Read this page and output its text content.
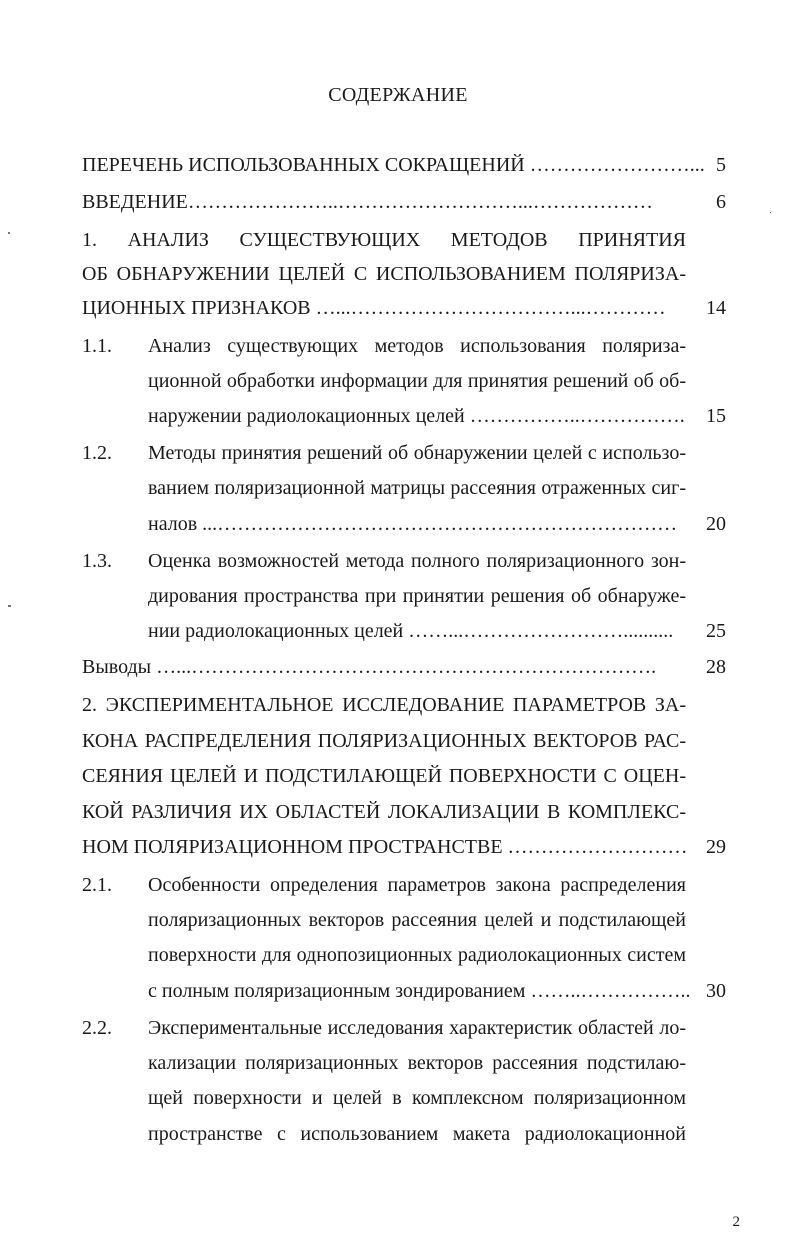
СОДЕРЖАНИЕ
ПЕРЕЧЕНЬ ИСПОЛЬЗОВАННЫХ СОКРАЩЕНИЙ ……………………... 5
ВВЕДЕНИЕ…………………..………………………...………………	6
1. АНАЛИЗ СУЩЕСТВУЮЩИХ МЕТОДОВ ПРИНЯТИЯ
ОБ ОБНАРУЖЕНИИ ЦЕЛЕЙ С ИСПОЛЬЗОВАНИЕМ ПОЛЯРИЗА-
ЦИОННЫХ ПРИЗНАКОВ …...……………………………...…………	14
1.1. Анализ существующих методов использования поляриза-
ционной обработки информации для принятия решений об об-
наружении радиолокационных целей ……………..…………….	15
1.2. Методы принятия решений об обнаружении целей с использо-
ванием поляризационной матрицы рассеяния отраженных сиг-
налов ...……………………………………………………………	20
1.3. Оценка возможностей метода полного поляризационного зон-
дирования пространства при принятии решения об обнаруже-
нии радиолокационных целей ……...……………………..........	25
Выводы …...…………………………………………………………….	28
2. ЭКСПЕРИМЕНТАЛЬНОЕ ИССЛЕДОВАНИЕ ПАРАМЕТРОВ ЗА-
КОНА РАСПРЕДЕЛЕНИЯ ПОЛЯРИЗАЦИОННЫХ ВЕКТОРОВ РАС-
СЕЯНИЯ ЦЕЛЕЙ И ПОДСТИЛАЮЩЕЙ ПОВЕРХНОСТИ С ОЦЕН-
КОЙ РАЗЛИЧИЯ ИХ ОБЛАСТЕЙ ЛОКАЛИЗАЦИИ В КОМПЛЕКС-
НОМ ПОЛЯРИЗАЦИОННОМ ПРОСТРАНСТВЕ ……………………… 29
2.1. Особенности определения параметров закона распределения
поляризационных векторов рассеяния целей и подстилающей
поверхности для однопозиционных радиолокационных систем
с полным поляризационным зондированием ……..…………….. 30
2.2. Экспериментальные исследования характеристик областей ло-
кализации поляризационных векторов рассеяния подстилаю-
щей поверхности и целей в комплексном поляризационном
пространстве с использованием макета радиолокационной
2
